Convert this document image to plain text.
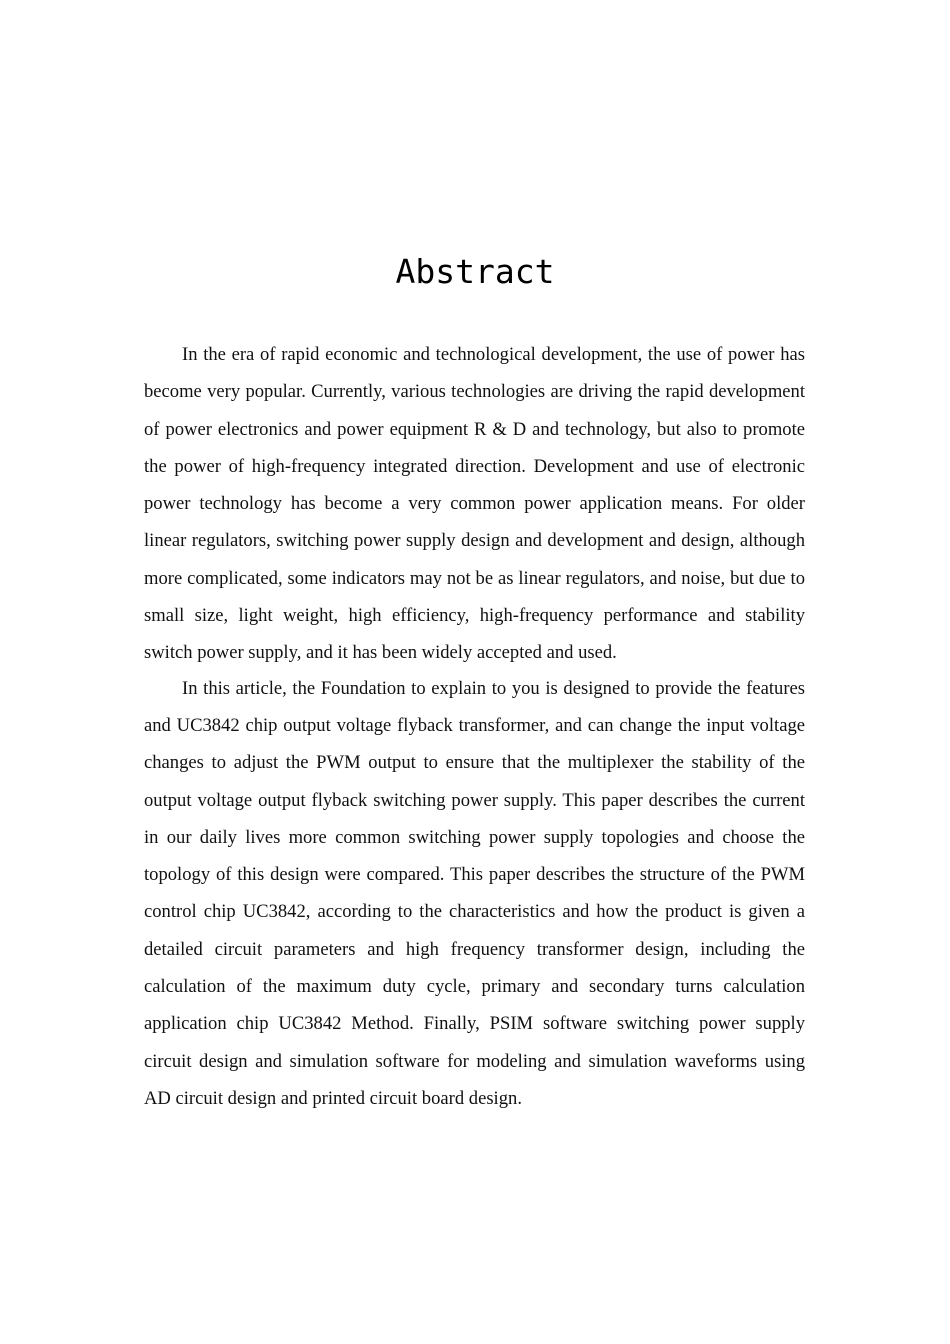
Abstract

In the era of rapid economic and technological development, the use of power has become very popular. Currently, various technologies are driving the rapid development of power electronics and power equipment R & D and technology, but also to promote the power of high-frequency integrated direction. Development and use of electronic power technology has become a very common power application means. For older linear regulators, switching power supply design and development and design, although more complicated, some indicators may not be as linear regulators, and noise, but due to small size, light weight, high efficiency, high-frequency performance and stability switch power supply, and it has been widely accepted and used.

In this article, the Foundation to explain to you is designed to provide the features and UC3842 chip output voltage flyback transformer, and can change the input voltage changes to adjust the PWM output to ensure that the multiplexer the stability of the output voltage output flyback switching power supply. This paper describes the current in our daily lives more common switching power supply topologies and choose the topology of this design were compared. This paper describes the structure of the PWM control chip UC3842, according to the characteristics and how the product is given a detailed circuit parameters and high frequency transformer design, including the calculation of the maximum duty cycle, primary and secondary turns calculation application chip UC3842 Method. Finally, PSIM software switching power supply circuit design and simulation software for modeling and simulation waveforms using AD circuit design and printed circuit board design.
